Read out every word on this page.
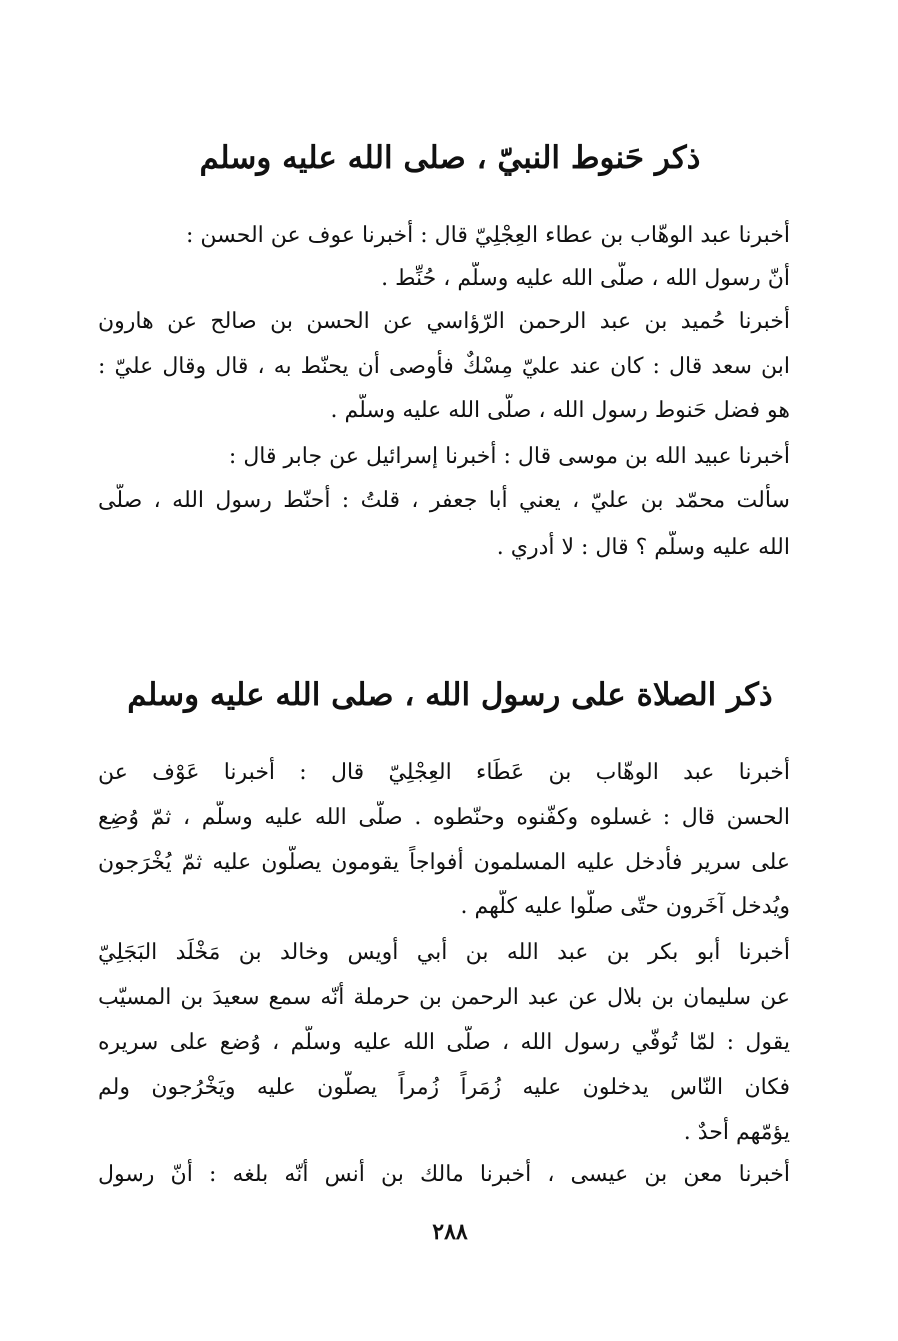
ذكر حَنوط النبيّ ، صلى الله عليه وسلم
أخبرنا عبد الوهّاب بن عطاء العِجْلِيّ قال : أخبرنا عوف عن الحسن :
أنّ رسول الله ، صلّى الله عليه وسلّم ، حُنِّط .
أخبرنا حُميد بن عبد الرحمن الرّؤاسي عن الحسن بن صالح عن هارون
ابن سعد قال : كان عند عليّ مِسْكٌ فأوصى أن يحنّط به ، قال وقال عليّ :
هو فضل حَنوط رسول الله ، صلّى الله عليه وسلّم .
أخبرنا عبيد الله بن موسى قال : أخبرنا إسرائيل عن جابر قال :
سألت محمّد بن عليّ ، يعني أبا جعفر ، قلتُ : أحنّط رسول الله ، صلّى
الله عليه وسلّم ؟ قال : لا أدري .
ذكر الصلاة على رسول الله ، صلى الله عليه وسلم
أخبرنا عبد الوهّاب بن عَطَاء العِجْلِيّ قال : أخبرنا عَوْف عن
الحسن قال : غسلوه وكفّنوه وحنّطوه . صلّى الله عليه وسلّم ، ثمّ وُضِع
على سرير فأُدخل عليه المسلمون أفواجاً يقومون يصلّون عليه ثمّ يُخْرَجون
ويُدخل آخَرون حتّى صلّوا عليه كلّهم .
أخبرنا أبو بكر بن عبد الله بن أبي أويس وخالد بن مَخْلَد البَجَلِيّ
عن سليمان بن بلال عن عبد الرحمن بن حرملة أنّه سمع سعيدَ بن المسيّب
يقول : لمّا تُوفّي رسول الله ، صلّى الله عليه وسلّم ، وُضع على سريره
فكان النّاس يدخلون عليه زُمَراً زُمراً يصلّون عليه ويَخْرُجون ولم
يؤمّهم أحدٌ .
أخبرنا معن بن عيسى ، أخبرنا مالك بن أنس أنّه بلغه : أنّ رسول
٢٨٨
